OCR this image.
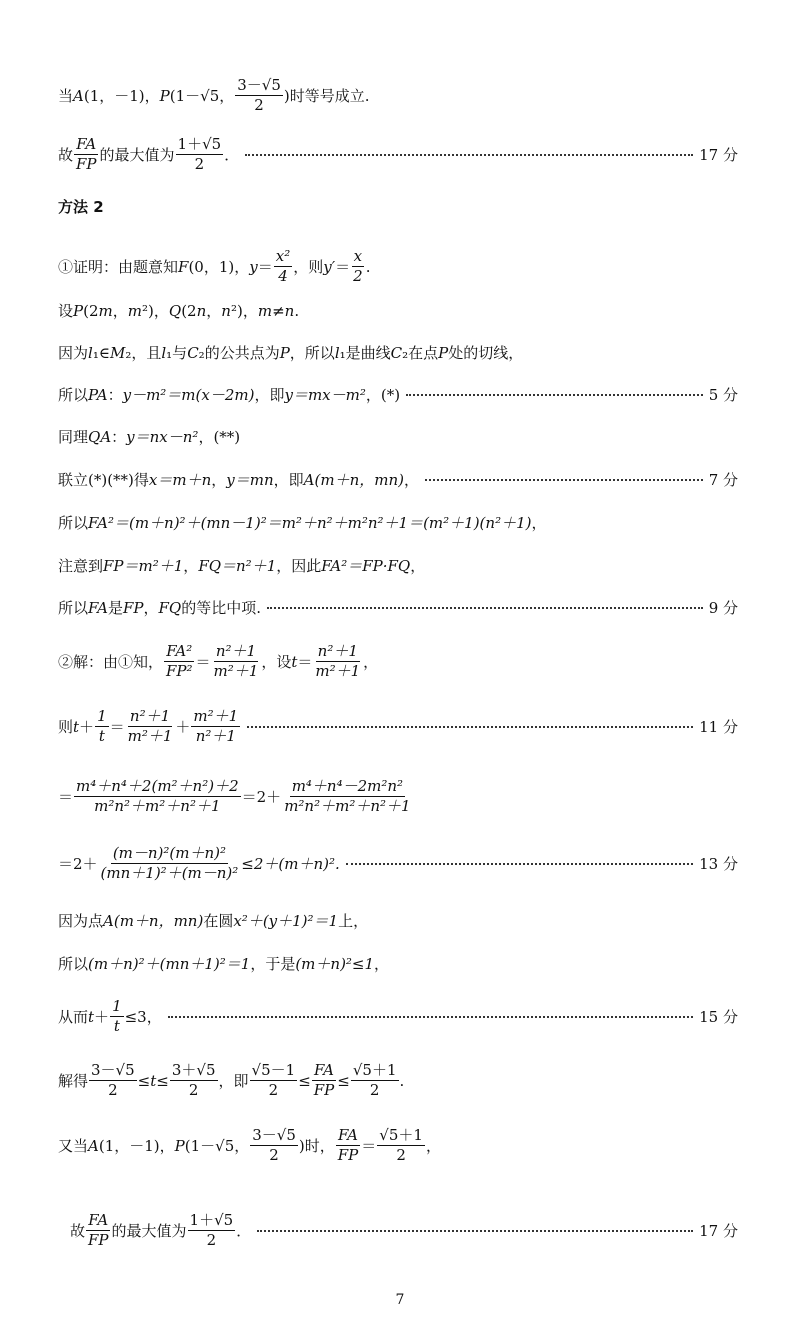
当 A (1，－1)， P (1－√5， $\frac{3-√5}{2}$ )时等号成立.
故 $\frac{FA}{FP}$ 的最大值为 $\frac{1+√5}{2}$ ．	17 分
方法 2
①证明：由题意知 F (0，1)， $y = \frac{\text{x²}}{4}$ ，则 $y' = \frac{x}{2}$ .
设 P (2 m ， m ²)， Q (2 n ， n ²)， m ≠ n .
因为 l ₁ ∈ M ₂ ，且 l ₁ 与 C ₂ 的公共点为 P ，所以 l ₁ 是曲线 C ₂ 在点 P 处的切线，
所以 PA ： y－m²＝m(x－2m) ，即 y＝mx－m² ，(*)	5 分
同理 QA ： y＝nx－n² ，(**)
联立(*)(**)得 x＝m＋n ， y＝mn ，即 A(m＋n，mn) ，	7 分
所以 FA²＝(m＋n)²＋(mn－1)²＝m²＋n²＋m²n²＋1＝(m²＋1)(n²＋1) ，
注意到 FP＝m²＋1 ， FQ＝n²＋1 ，因此 FA²＝FP·FQ ，
所以 FA 是 FP ， FQ 的等比中项.	9 分
②解：由①知， $\frac{\text{FA²}}{\text{FP²}} = \frac{\text{n²＋1}}{\text{m²＋1}}$ ，设 $t = \frac{\text{n²＋1}}{\text{m²＋1}}$ ，
则 $t + \frac{1}{t} = \frac{\text{n²＋1}}{\text{m²＋1}} + \frac{\text{m²＋1}}{\text{n²＋1}}$	11 分
＝ $\frac{\text{m⁴＋n⁴＋2(m²＋n²)＋2}}{\text{m²n²＋m²＋n²＋1}} =2+ \frac{\text{m⁴＋n⁴－2m²n²}}{\text{m²n²＋m²＋n²＋1}}$
$=2+ \frac{\text{(m－n)²(m＋n)²}}{\text{(mn＋1)²＋(m－n)²}} \le 2+(m+n)^2$.	13 分
因为点 A(m＋n，mn) 在圆 x²＋(y＋1)²＝1 上，
所以 (m＋n)²＋(mn＋1)²＝1 ，于是 (m＋n)²≤1 ，
从而 $t + \frac{1}{t} \le 3$，	15 分
解得 $\frac{3-√5}{2} \le t \le \frac{3+√5}{2}$ ，即 $\frac{√5-1}{2} \le \frac{FA}{FP} \le \frac{√5+1}{2}$ .
又当 A (1，－1)， P (1－√5， $\frac{3-√5}{2}$ )时， $\frac{FA}{FP} = \frac{√5+1}{2}$ ，
故 $\frac{FA}{FP}$ 的最大值为 $\frac{1+√5}{2}$ ．	17 分
7
